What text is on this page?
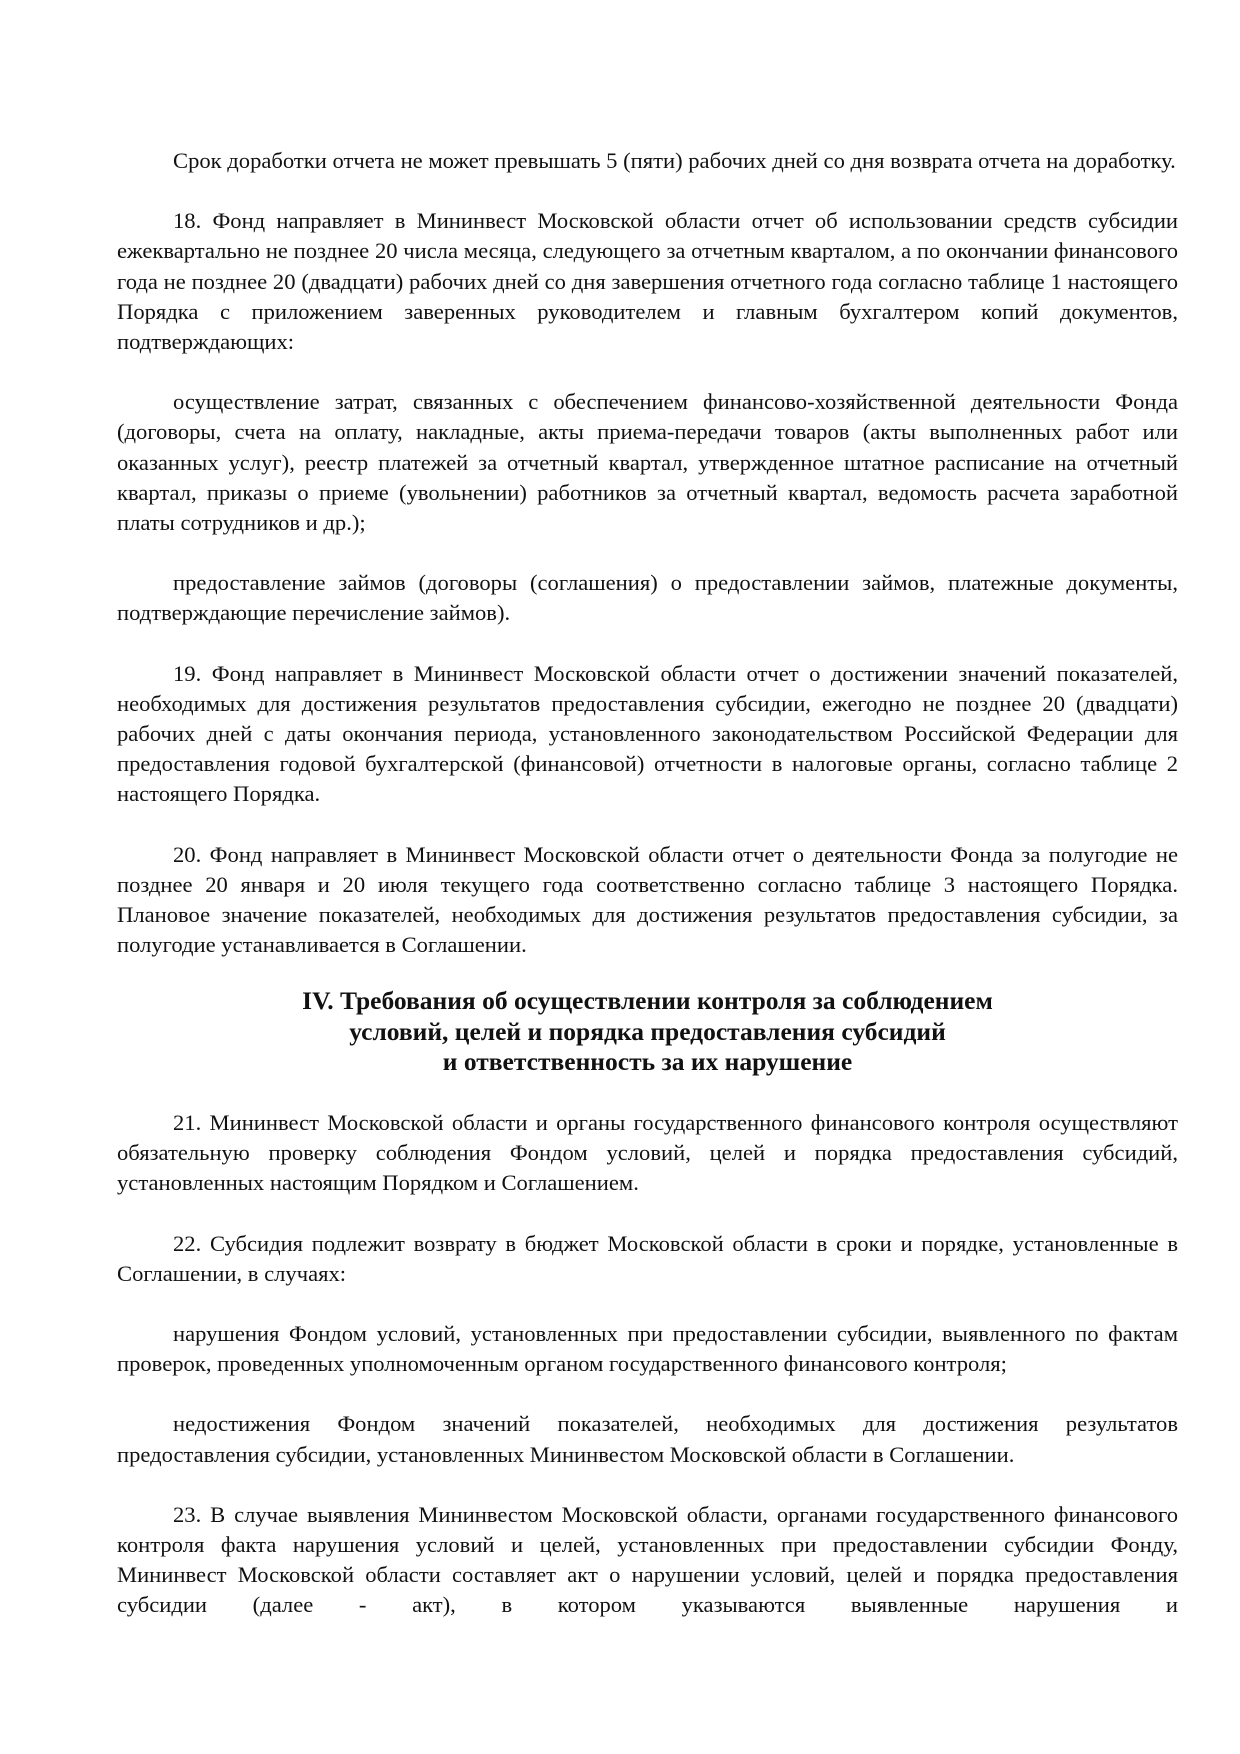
Срок доработки отчета не может превышать 5 (пяти) рабочих дней со дня возврата отчета на доработку.

18. Фонд направляет в Мининвест Московской области отчет об использовании средств субсидии ежеквартально не позднее 20 числа месяца, следующего за отчетным кварталом, а по окончании финансового года не позднее 20 (двадцати) рабочих дней со дня завершения отчетного года согласно таблице 1 настоящего Порядка с приложением заверенных руководителем и главным бухгалтером копий документов, подтверждающих:

осуществление затрат, связанных с обеспечением финансово-хозяйственной деятельности Фонда (договоры, счета на оплату, накладные, акты приема-передачи товаров (акты выполненных работ или оказанных услуг), реестр платежей за отчетный квартал, утвержденное штатное расписание на отчетный квартал, приказы о приеме (увольнении) работников за отчетный квартал, ведомость расчета заработной платы сотрудников и др.);

предоставление займов (договоры (соглашения) о предоставлении займов, платежные документы, подтверждающие перечисление займов).

19. Фонд направляет в Мининвест Московской области отчет о достижении значений показателей, необходимых для достижения результатов предоставления субсидии, ежегодно не позднее 20 (двадцати) рабочих дней с даты окончания периода, установленного законодательством Российской Федерации для предоставления годовой бухгалтерской (финансовой) отчетности в налоговые органы, согласно таблице 2 настоящего Порядка.

20. Фонд направляет в Мининвест Московской области отчет о деятельности Фонда за полугодие не позднее 20 января и 20 июля текущего года соответственно согласно таблице 3 настоящего Порядка. Плановое значение показателей, необходимых для достижения результатов предоставления субсидии, за полугодие устанавливается в Соглашении.

IV. Требования об осуществлении контроля за соблюдением

условий, целей и порядка предоставления субсидий

и ответственность за их нарушение

21. Мининвест Московской области и органы государственного финансового контроля осуществляют обязательную проверку соблюдения Фондом условий, целей и порядка предоставления субсидий, установленных настоящим Порядком и Соглашением.

22. Субсидия подлежит возврату в бюджет Московской области в сроки и порядке, установленные в Соглашении, в случаях:

нарушения Фондом условий, установленных при предоставлении субсидии, выявленного по фактам проверок, проведенных уполномоченным органом государственного финансового контроля;

недостижения Фондом значений показателей, необходимых для достижения результатов предоставления субсидии, установленных Мининвестом Московской области в Соглашении.

23. В случае выявления Мининвестом Московской области, органами государственного финансового контроля факта нарушения условий и целей, установленных при предоставлении субсидии Фонду, Мининвест Московской области составляет акт о нарушении условий, целей и порядка предоставления субсидии (далее - акт), в котором указываются выявленные нарушения и
